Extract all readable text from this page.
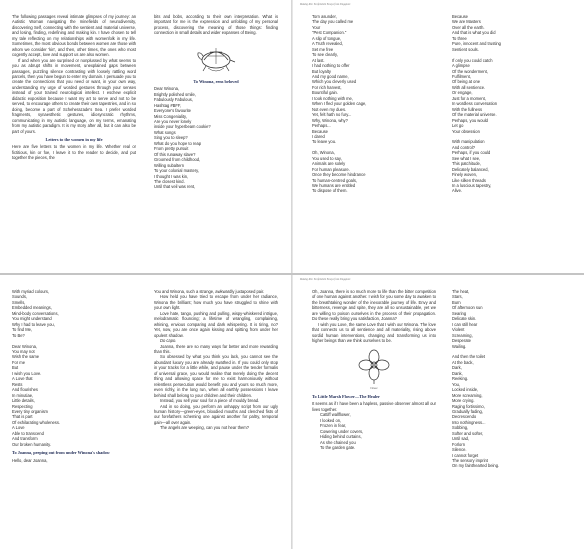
Making Kin: Ecofeminist Essays from Singapore

The following passages reveal intimate glimpses of my journey: an Autistic Woman navigating the minefields of neurodiversity, discovering Self, connecting with the sentient and material universe, and losing, finding, redefining and making kin. I have chosen to tell my tale reflecting on my relationships with womenfolk in my life. Sometimes, the most obvious bonds between women are those with whom we consider 'kin', and then, other times, the ones who most cogently accept, love and support us are also women.

If and when you are surprised or nonplussed by what seems to you as abrupt shifts in movement, unexplained gaps between passages, puzzling silence contrasting with loosely rattling word parcels, then you have begun to enter my domain. I persuade you to create the connections that you need or want, in your own way, understanding my urge of worded gestures through your senses instead of your trained neurological intellect. I eschew explicit didactic exposition because I want my art to serve and not to be served, to encourage others to create their own tapestries, and in so doing, become a part of Scheherazade's Sea. I prefer worded fragments, synaesthetic gestures, idiosyncratic rhythms, communicating in my autistic language, on my terms, emanating from my autistic paradigm. It is my story after all, but it can also be part of yours.

Letters to the women in my life

Here are five letters to the women in my life. Whether real or fictitious, kin or foe, I leave it to the reader to decide, and put together the pieces, the

bits and bobs, according to their own interpretation. What is important for me is the expression and unfolding of my personal process, discovering the meaning of those things: finding connection in small details and wider expanses of Being.

To Winona, eens beloved
Dear Winona,
Brightly polished smile,
Fabulously Fabulous,
Hashtag #BFF,
Everyone's favourite
Miss Congeniality,
Are you never lonely
inside your hyperbeam cookie?
What songs
Sing you to sleep?
What do you hope to reap
From pretty pursuit
Of this runaway slave?
Groomed from childhood,
Willing subaltern
To your colonial mastery,
I thought I was kin,
The closest kind.
Until that veil was rent,
Torn asunder,
The day you called me
Your
"Pest Companion."
A slip of tongue,
A Truth revealed,
Set me free
To see clearly,
At last.
I had nothing to offer
But loyalty
And my good name,
Which you cleverly used
For rich harvest,
Bountiful gain.
I took nothing with me,
When I fled your golden cage,
Not even my dues.
Yet, felt hath no fury...
Why, Winona, why?
Perhaps...
Because
I dared
To leave you.
Oh, Winona,
You used to say,
Animals are solely
For human pleasure.
Once they become hindrance
To human-centred goals,
We humans are entitled
To dispose of them.
Because
We are Masters
Over all the earth.
And that is what you did
To three
Pure, innocent and trusting
Sentient souls.
If only you could catch
A glimpse
Of the wonderment,
Fulfilment,
Of being at one
With all sentience.
Or engage,
Just for a moment,
In wordless conversation
With the fullness
Of the material universe.
Perhaps, you would
Let go
Your obsession
With manipulation
And control?
Perhaps, if you could
See what I see,
This patchitude,
Delicately balanced,
Finely woven,
Like silken threads
In a luscious tapestry,
Alive.
Making Kin: Ecofeminist Essays from Singapore
With myriad colours,
Sounds,
Smells,
Embedded meanings,
Mind-body conversations,
You might understand
Why I had to leave you,
To find Me,
To Be?
Dear Winona,
You may not
Wish the same
For me
But
I wish you Love.
A Love that
Rests
And flourishes
In minutiae,
Little details,
Respecting
Every tiny organism
That is part
Of exhilarating wholeness.
A Love
Able to transcend
And transform
Our broken humanity.
To Joanna, peeping out from under Winona's shadow

Hello, dear Joanna,

You and Winona, such a strange, awkwardly juxtaposed pair.

How held you have tried to escape from under her radiance, Winona the brilliant; how much you have struggled to shine with your own light.

Love hate, tango, pushing and pulling, wispy-whiskered intrigue, melodramatic flouncing; a lifetime of wrangling, complaining, whining, envious comparing and dark whispering. It is tiring, no? Yet, now, you are once again kissing and spitting from under her opulent shadow.

Do capo.

Joanna, there are so many ways far better and more rewarding than this.

So obsessed by what you think you lack, you cannot see the abundant luxury you are already swathed in. If you could only stop in your tracks for a little while, and pause under the tender formalis of universal grace, you would realise that merely doing the decent thing and allowing space for me to exist harmoniously without relentless persecution would benefit you and yours so much more, even richly, in the long run, when all earthly possessions I leave behind shall belong to your children and their children.

Instead, you sell your soul for a piece of mouldy bread.

And in so doing, you perform an unhappy script from our ugly human history—green-eyes, bloodied mouths and clenched fists of our forefathers scheming one against another for paltry, temporal gain—all over again.

The angels are weeping, can you not hear them?

Oh, Joanna, there is so much more to life than the bitter competition of one human against another. I wish for you some day to awaken to the breathtaking wonder of the inexorable journey of life. Envy and bitterness, revenge and spite, they are all so unsustainable, yet we are willing to poison ourselves in the process of their propagation. Do these really bring you satisfaction, Joanna?

I wish you Love, the same Love that I wish our Winona. The love that connects us to all sentience and all materiality, rising above sordid human interventions, changing and transforming us into higher beings than we think ourselves to be.

Flower
To Little Marsh Flower—The Healer

It seems as if I have been a hapless, passive observer almost all our lives together.

Cattiff wallflower,
I looked on,
Frozen in fear,
Cowering under covers,
Hiding behind curtains,
As she chained you
To the garden gate.
The heat,
Stars,
Burn
Of afternoon sun
Searing
Delicate skin.
I can still hear
Violent
Screaming,
Desperate
Wailing.
And then the toilet
At the back,
Dark,
Dank,
Reeking.
You,
Locked inside,
More screaming,
More crying.
Raging fortissimo,
Gradually fading,
Decrescendo
Into nothingness...
Sobbing,
Softer and softer,
Until sad,
Forlorn
Silence.
I cannot forget
The sensory imprint
On my fainthearted being.
